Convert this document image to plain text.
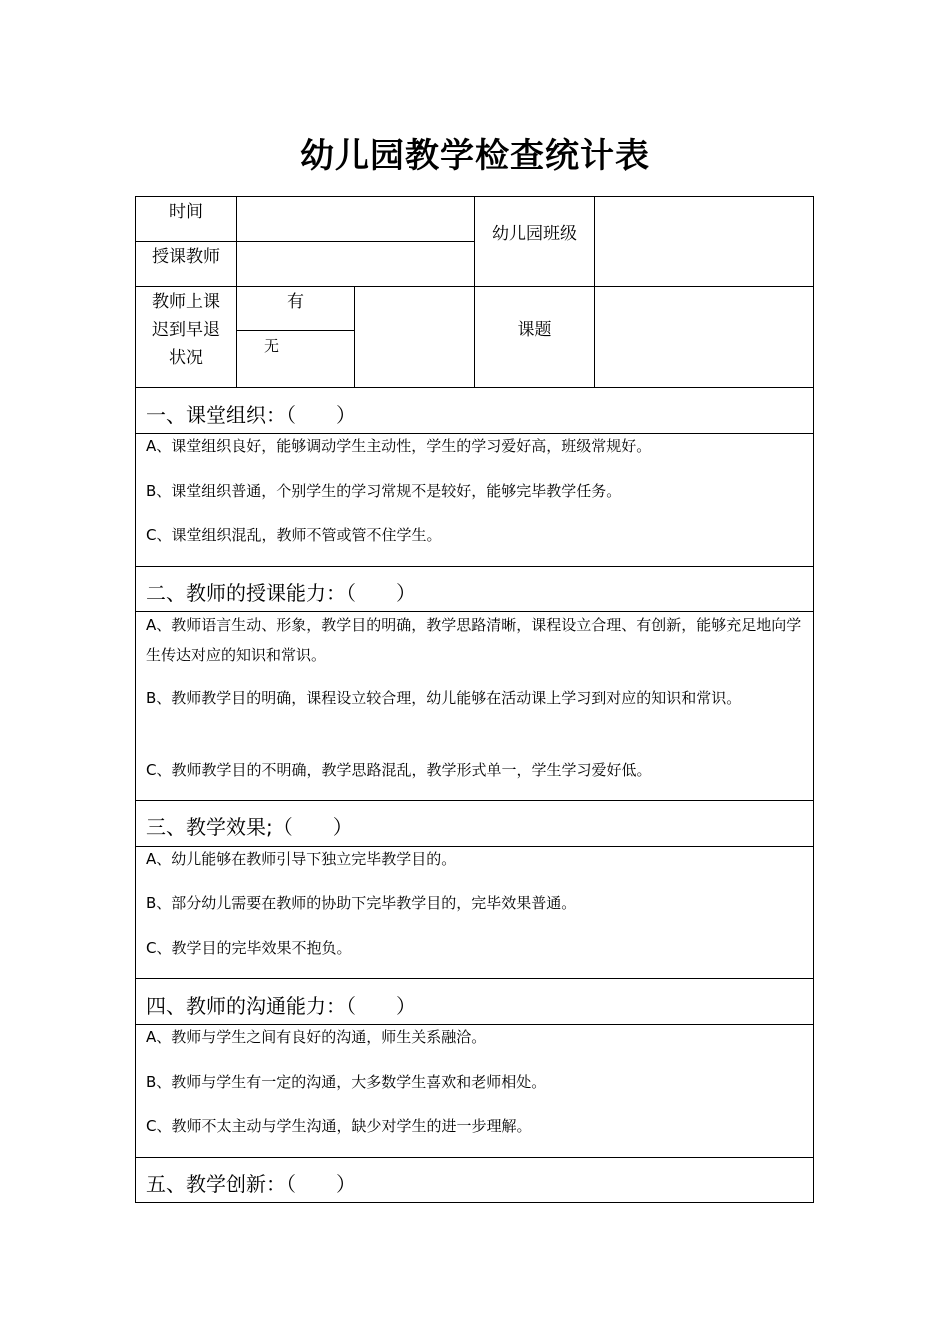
幼儿园教学检查统计表
时间
授课教师
幼儿园班级
教师上课
迟到早退
状况
有
无
课题
一、课堂组织：（　　）
A、课堂组织良好，能够调动学生主动性，学生的学习爱好高，班级常规好。
B、课堂组织普通，个别学生的学习常规不是较好，能够完毕教学任务。
C、课堂组织混乱，教师不管或管不住学生。
二、教师的授课能力：（　　）
A、教师语言生动、形象，教学目的明确，教学思路清晰，课程设立合理、有创新，能够充足地向学生传达对应的知识和常识。
B、教师教学目的明确，课程设立较合理，幼儿能够在活动课上学习到对应的知识和常识。
C、教师教学目的不明确，教学思路混乱，教学形式单一，学生学习爱好低。
三、教学效果;（　　）
A、幼儿能够在教师引导下独立完毕教学目的。
B、部分幼儿需要在教师的协助下完毕教学目的，完毕效果普通。
C、教学目的完毕效果不抱负。
四、教师的沟通能力：（　　）
A、教师与学生之间有良好的沟通，师生关系融洽。
B、教师与学生有一定的沟通，大多数学生喜欢和老师相处。
C、教师不太主动与学生沟通，缺少对学生的进一步理解。
五、教学创新：（　　）
